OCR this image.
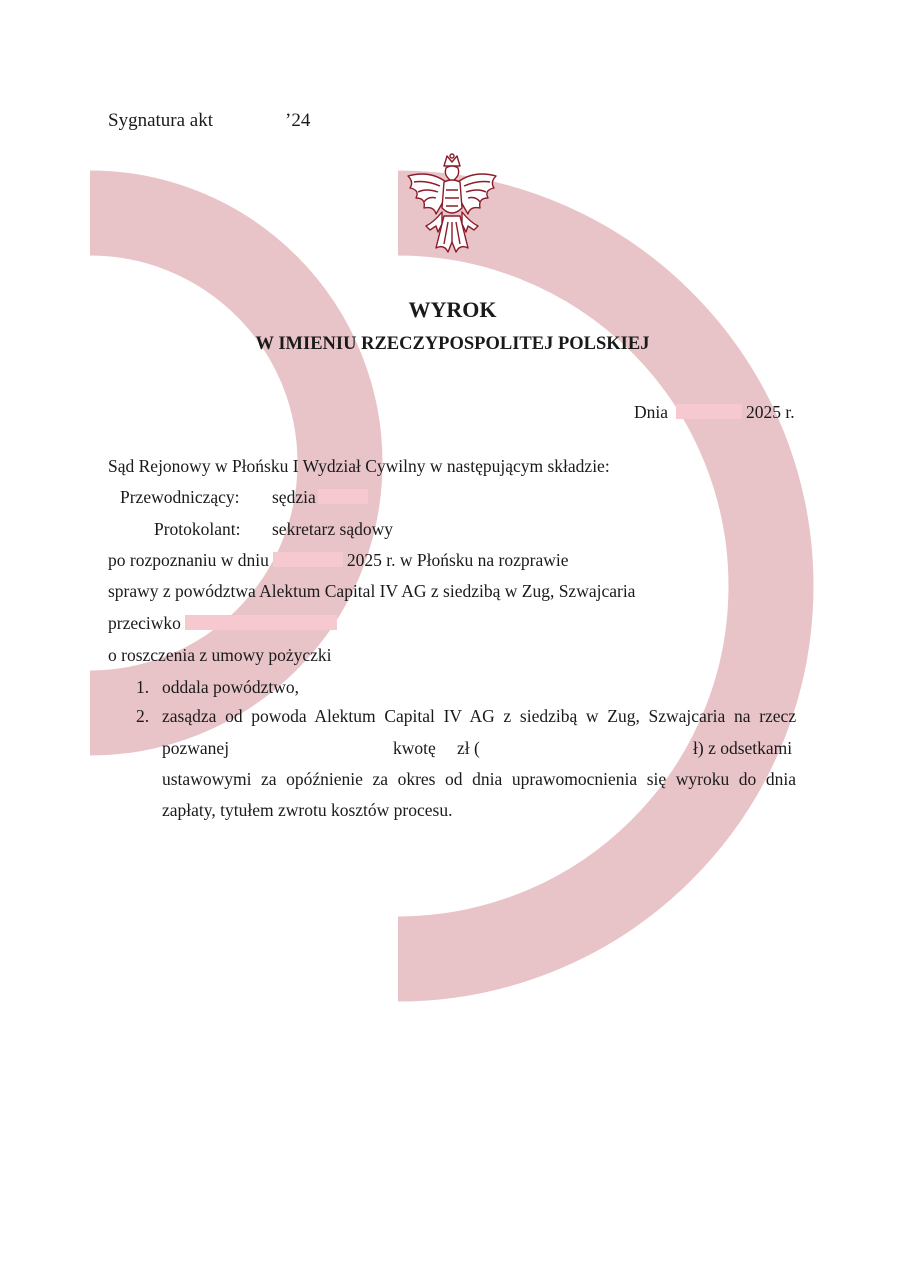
Sygnatura akt	’24
WYROK
W IMIENIU RZECZYPOSPOLITEJ POLSKIEJ
Dnia	2025 r.
Sąd Rejonowy w Płońsku I Wydział Cywilny w następującym składzie:
Przewodniczący: sędzia
Protokolant: sekretarz sądowy
po rozpoznaniu w dniu	2025 r. w Płońsku na rozprawie
sprawy z powództwa Alektum Capital IV AG z siedzibą w Zug, Szwajcaria
przeciwko
o roszczenia z umowy pożyczki
1. oddala powództwo,
2. zasądza od powoda Alektum Capital IV AG z siedzibą w Zug, Szwajcaria na rzecz
pozwanej	kwotę zł (	ł) z odsetkami
ustawowymi za opóźnienie za okres od dnia uprawomocnienia się wyroku do dnia
zapłaty, tytułem zwrotu kosztów procesu.
